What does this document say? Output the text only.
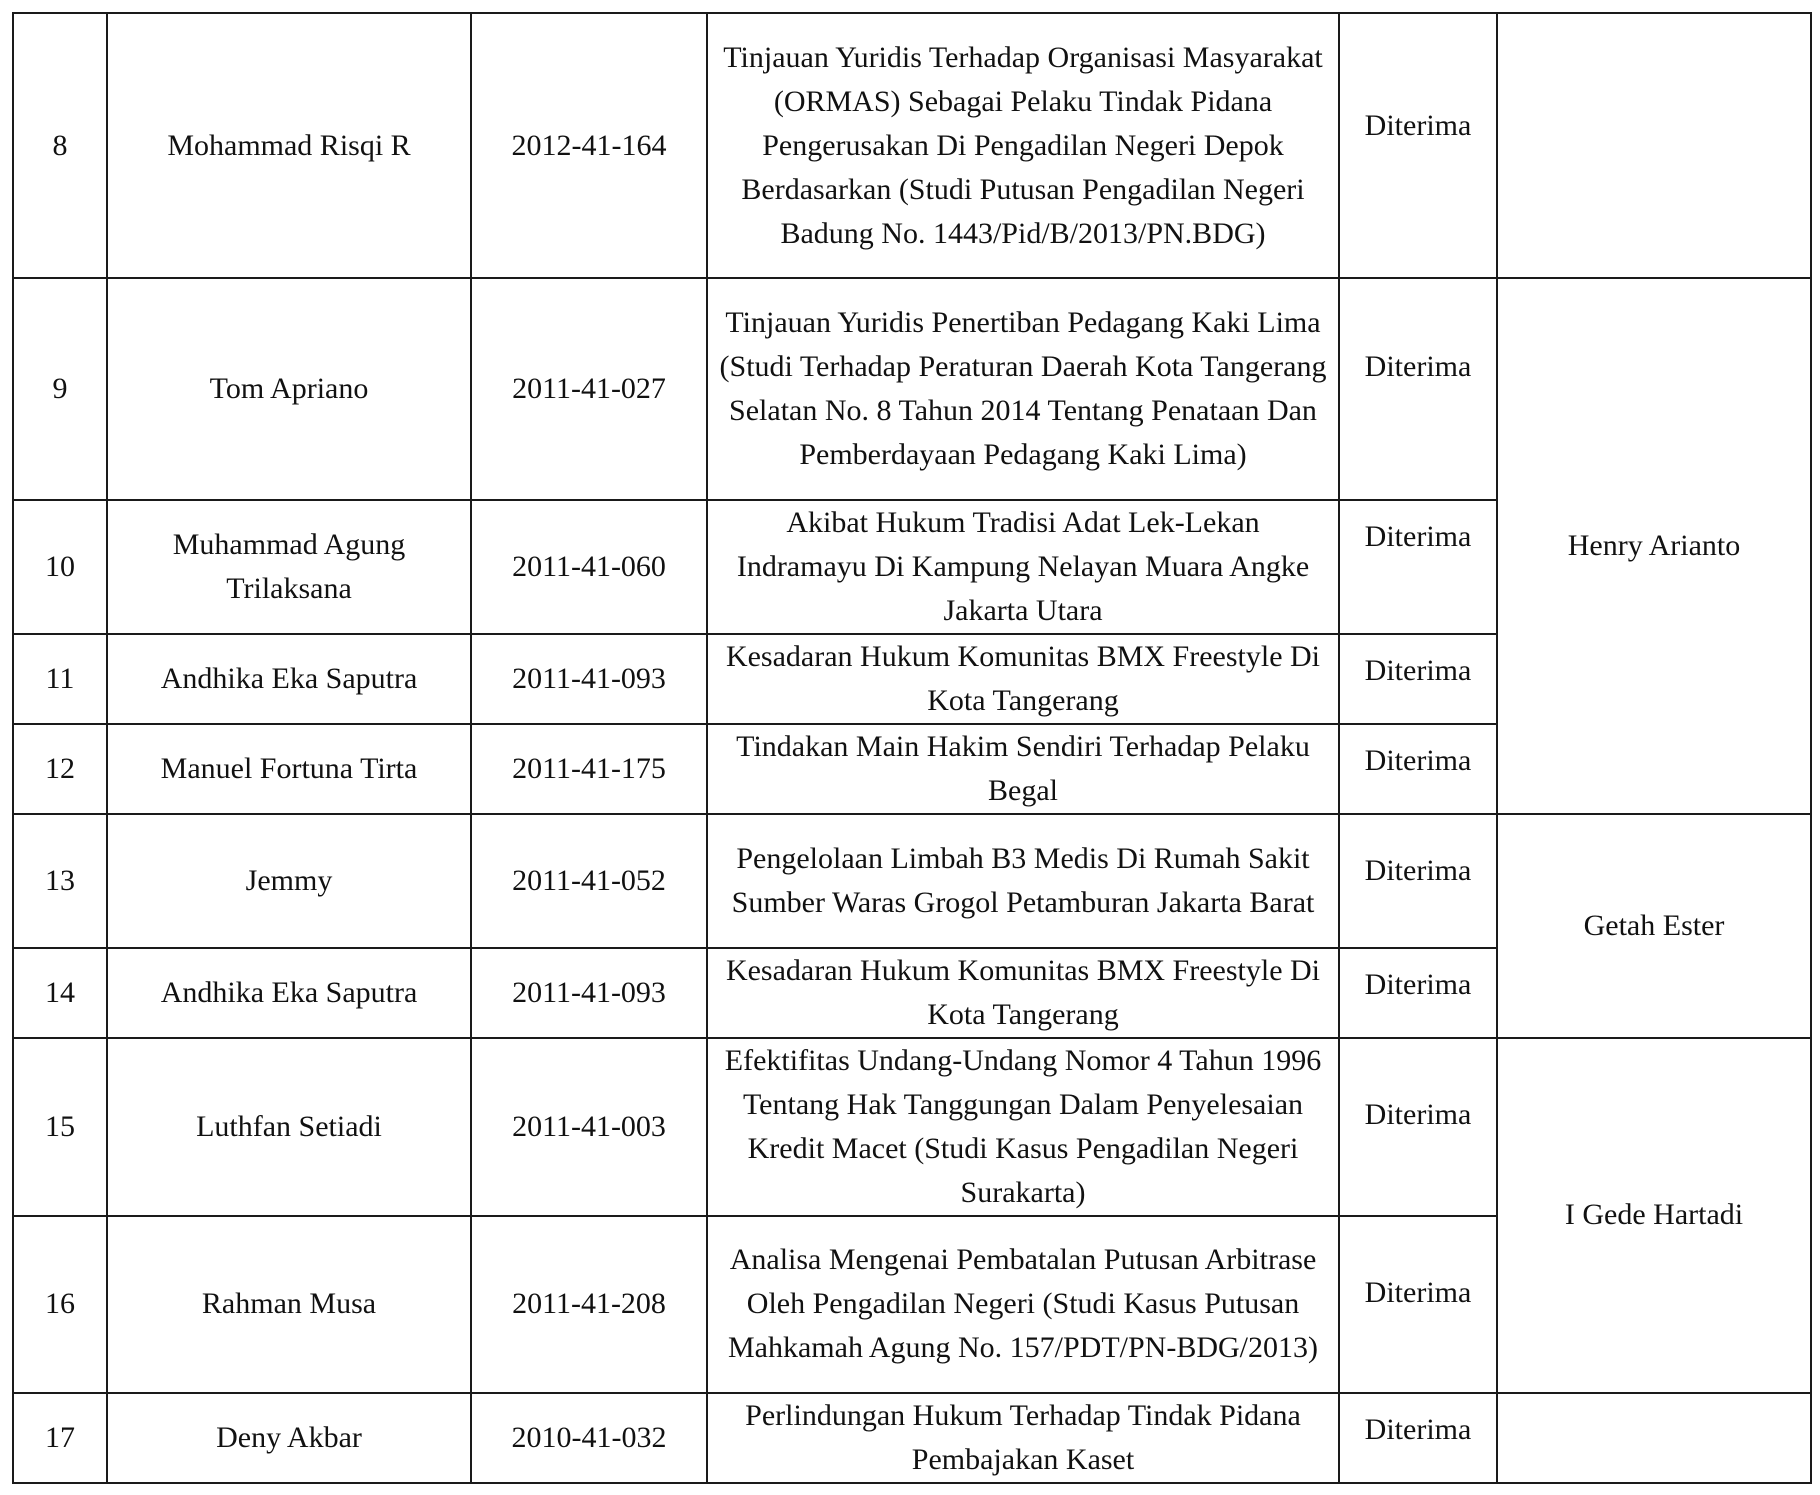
8	Mohammad Risqi R	2012-41-164	Tinjauan Yuridis Terhadap Organisasi Masyarakat (ORMAS) Sebagai Pelaku Tindak Pidana Pengerusakan Di Pengadilan Negeri Depok Berdasarkan (Studi Putusan Pengadilan Negeri Badung No. 1443/Pid/B/2013/PN.BDG)	Diterima	
9	Tom Apriano	2011-41-027	Tinjauan Yuridis Penertiban Pedagang Kaki Lima (Studi Terhadap Peraturan Daerah Kota Tangerang Selatan No. 8 Tahun 2014 Tentang Penataan Dan Pemberdayaan Pedagang Kaki Lima)	Diterima	Henry Arianto
10	Muhammad Agung Trilaksana	2011-41-060	Akibat Hukum Tradisi Adat Lek-Lekan Indramayu Di Kampung Nelayan Muara Angke Jakarta Utara	Diterima	
11	Andhika Eka Saputra	2011-41-093	Kesadaran Hukum Komunitas BMX Freestyle Di Kota Tangerang	Diterima	
12	Manuel Fortuna Tirta	2011-41-175	Tindakan Main Hakim Sendiri Terhadap Pelaku Begal	Diterima	
13	Jemmy	2011-41-052	Pengelolaan Limbah B3 Medis Di Rumah Sakit Sumber Waras Grogol Petamburan Jakarta Barat	Diterima	Getah Ester
14	Andhika Eka Saputra	2011-41-093	Kesadaran Hukum Komunitas BMX Freestyle Di Kota Tangerang	Diterima	
15	Luthfan Setiadi	2011-41-003	Efektifitas Undang-Undang Nomor 4 Tahun 1996 Tentang Hak Tanggungan Dalam Penyelesaian Kredit Macet (Studi Kasus Pengadilan Negeri Surakarta)	Diterima	I Gede Hartadi
16	Rahman Musa	2011-41-208	Analisa Mengenai Pembatalan Putusan Arbitrase Oleh Pengadilan Negeri (Studi Kasus Putusan Mahkamah Agung No. 157/PDT/PN-BDG/2013)	Diterima	
17	Deny Akbar	2010-41-032	Perlindungan Hukum Terhadap Tindak Pidana Pembajakan Kaset	Diterima	
